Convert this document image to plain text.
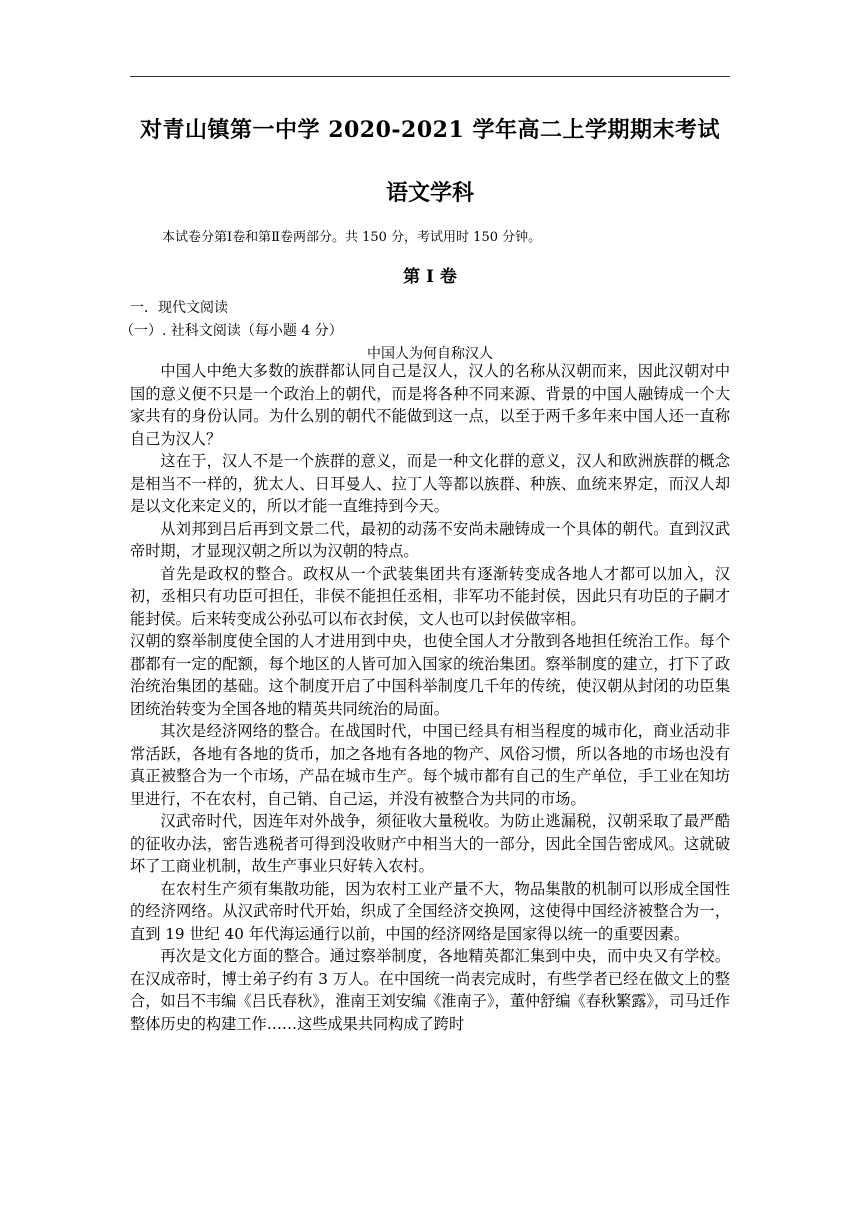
对青山镇第一中学 2020-2021 学年高二上学期期末考试
语文学科
本试卷分第Ⅰ卷和第Ⅱ卷两部分。共 150 分，考试用时 150 分钟。
第 Ⅰ 卷
一．现代文阅读
（一）. 社科文阅读（每小题 4 分）
中国人为何自称汉人

中国人中绝大多数的族群都认同自己是汉人，汉人的名称从汉朝而来，因此汉朝对中国的意义便不只是一个政治上的朝代，而是将各种不同来源、背景的中国人融铸成一个大家共有的身份认同。为什么别的朝代不能做到这一点，以至于两千多年来中国人还一直称自己为汉人？

这在于，汉人不是一个族群的意义，而是一种文化群的意义，汉人和欧洲族群的概念是相当不一样的，犹太人、日耳曼人、拉丁人等都以族群、种族、血统来界定，而汉人却是以文化来定义的，所以才能一直维持到今天。

从刘邦到吕后再到文景二代，最初的动荡不安尚未融铸成一个具体的朝代。直到汉武帝时期，才显现汉朝之所以为汉朝的特点。

首先是政权的整合。政权从一个武装集团共有逐渐转变成各地人才都可以加入，汉初，丞相只有功臣可担任，非侯不能担任丞相，非军功不能封侯，因此只有功臣的子嗣才能封侯。后来转变成公孙弘可以布衣封侯，文人也可以封侯做宰相。

汉朝的察举制度使全国的人才进用到中央，也使全国人才分散到各地担任统治工作。每个郡都有一定的配额，每个地区的人皆可加入国家的统治集团。察举制度的建立，打下了政治统治集团的基础。这个制度开启了中国科举制度几千年的传统，使汉朝从封闭的功臣集团统治转变为全国各地的精英共同统治的局面。

其次是经济网络的整合。在战国时代，中国已经具有相当程度的城市化，商业活动非常活跃，各地有各地的货币，加之各地有各地的物产、风俗习惯，所以各地的市场也没有真正被整合为一个市场，产品在城市生产。每个城市都有自己的生产单位，手工业在知坊里进行，不在农村，自己销、自己运，并没有被整合为共同的市场。

汉武帝时代，因连年对外战争，须征收大量税收。为防止逃漏税，汉朝采取了最严酷的征收办法，密告逃税者可得到没收财产中相当大的一部分，因此全国告密成风。这就破坏了工商业机制，故生产事业只好转入农村。

在农村生产须有集散功能，因为农村工业产量不大，物品集散的机制可以形成全国性的经济网络。从汉武帝时代开始，织成了全国经济交换网，这使得中国经济被整合为一，直到 19 世纪 40 年代海运通行以前，中国的经济网络是国家得以统一的重要因素。

再次是文化方面的整合。通过察举制度，各地精英都汇集到中央，而中央又有学校。在汉成帝时，博士弟子约有 3 万人。在中国统一尚表完成时，有些学者已经在做文上的整合，如吕不韦编《吕氏春秋》，淮南王刘安编《淮南子》，董仲舒编《春秋繁露》，司马迁作整体历史的构建工作……这些成果共同构成了跨时
